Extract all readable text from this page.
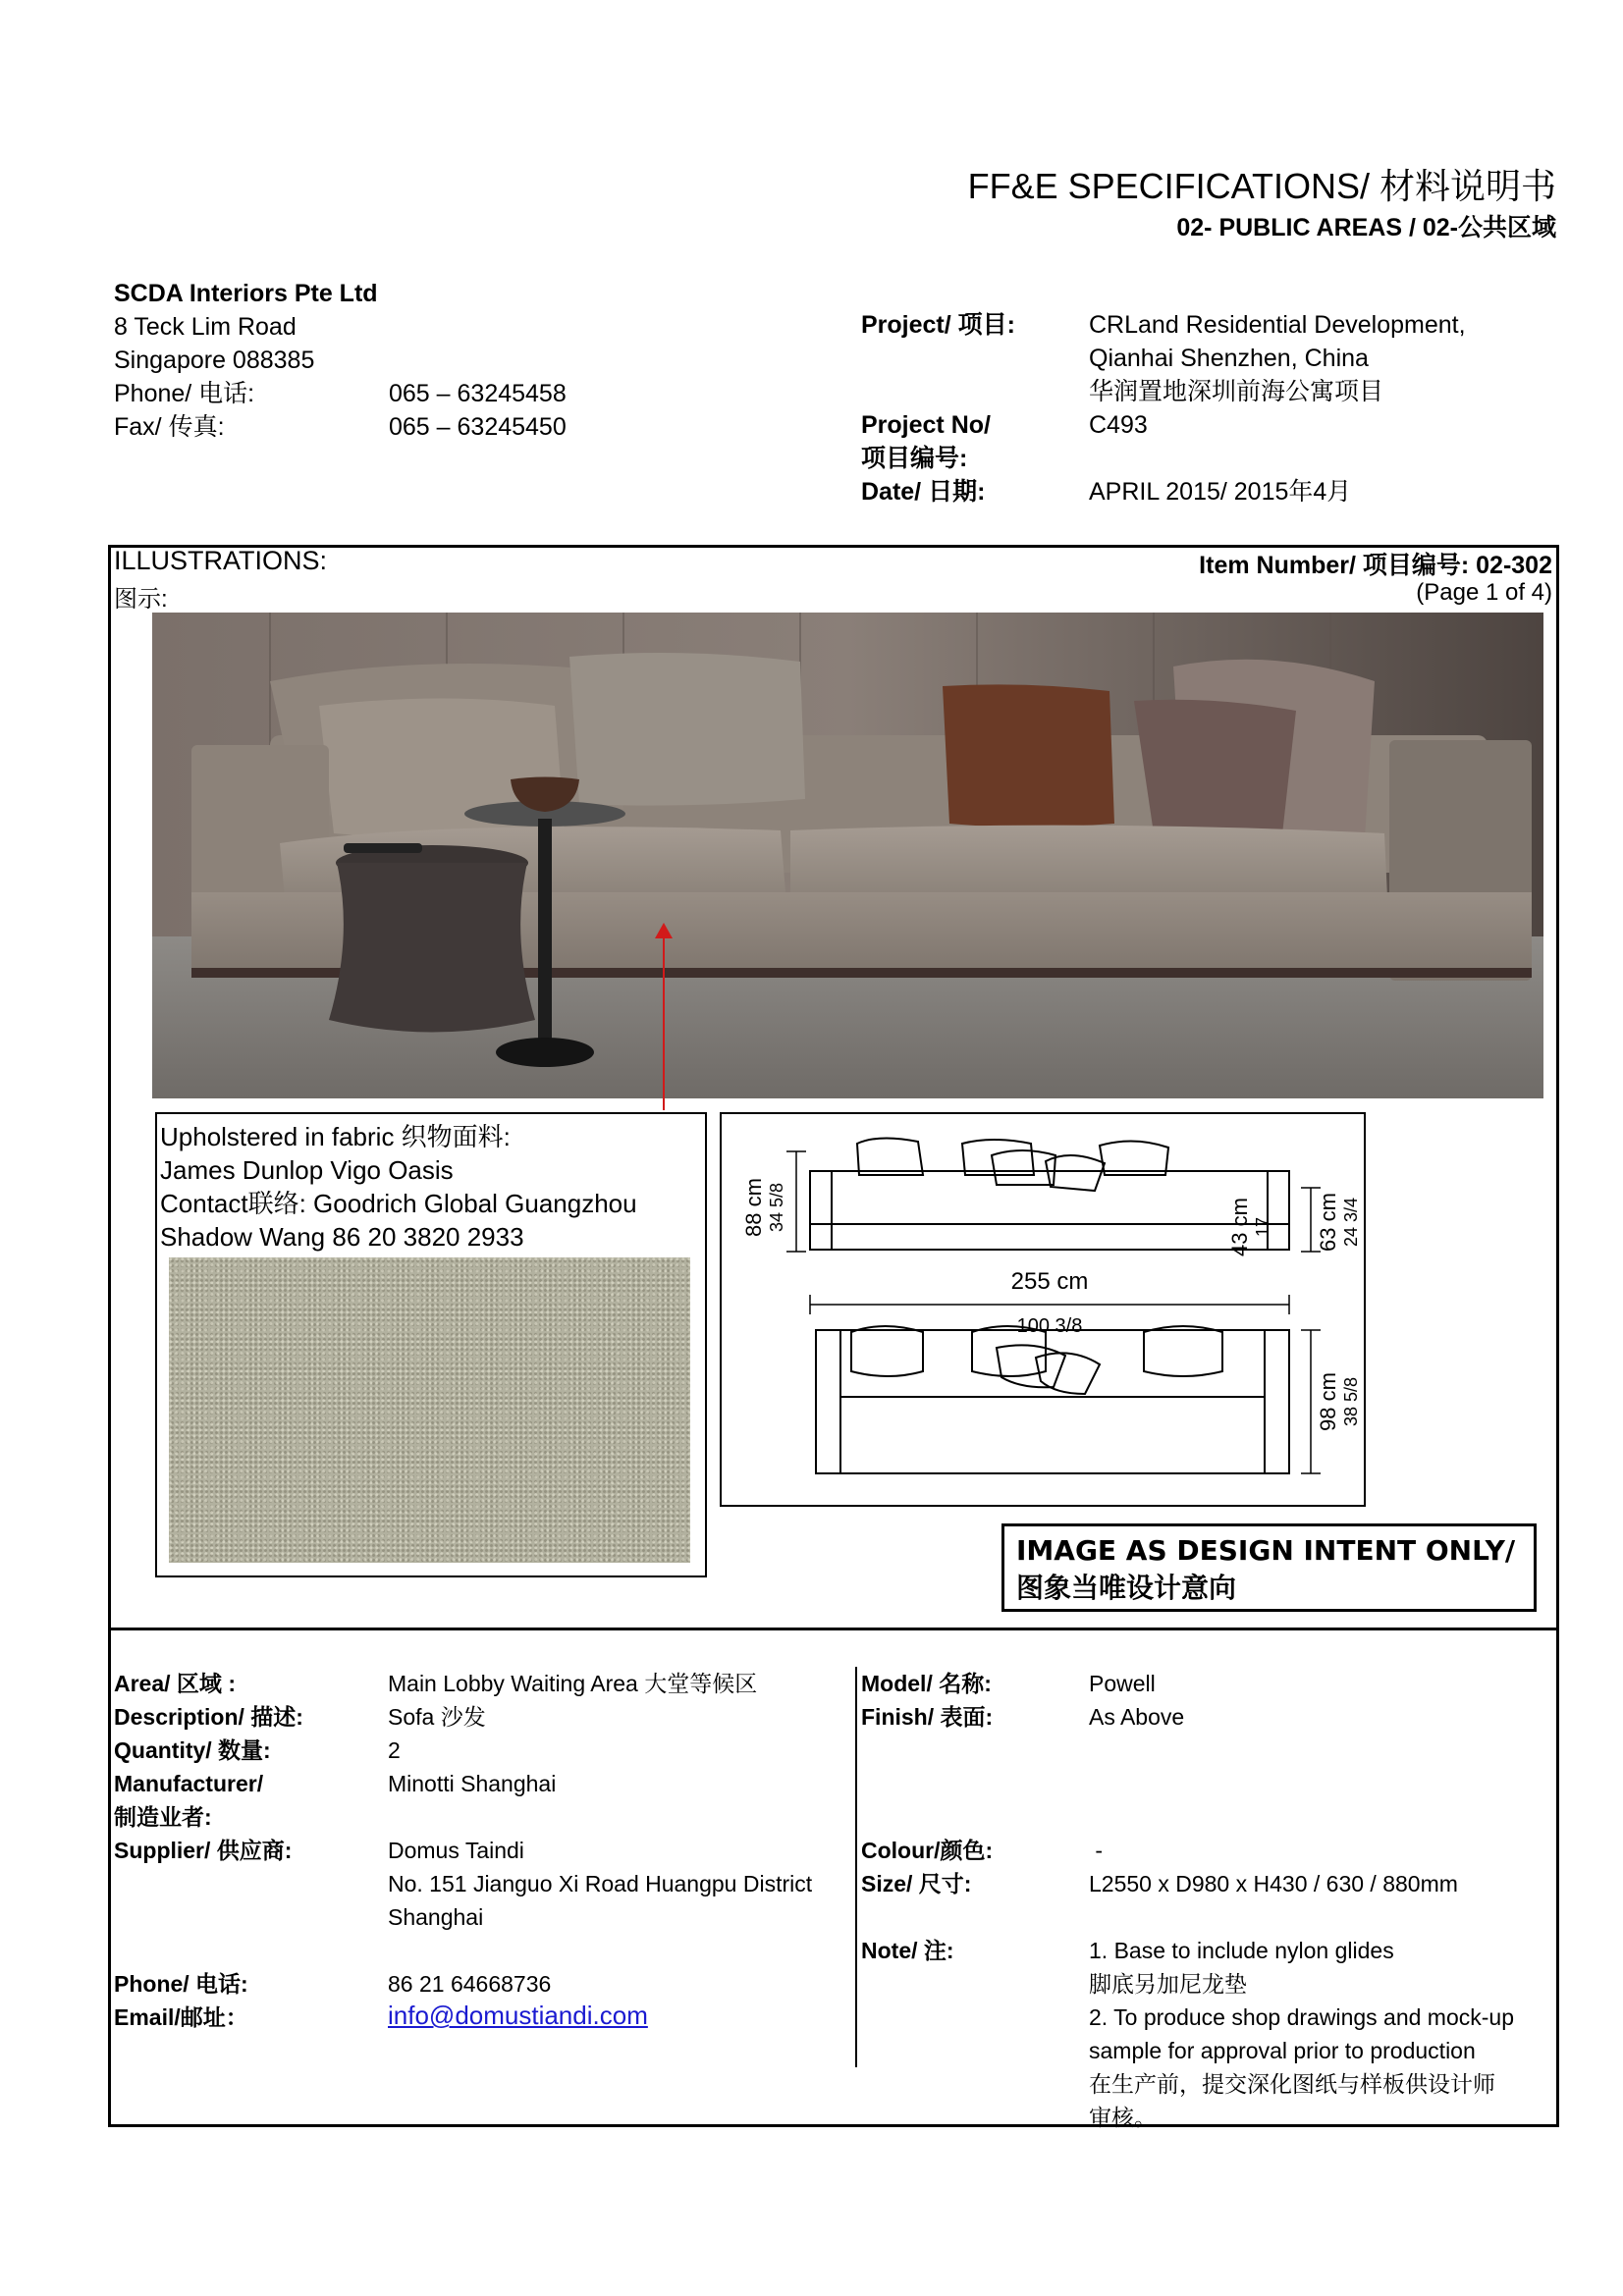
FF&E SPECIFICATIONS/ 材料说明书
02- PUBLIC AREAS / 02-公共区域
SCDA Interiors Pte Ltd
8 Teck Lim Road
Singapore 088385
Phone/ 电话:	065 – 63245458
Fax/ 传真:	065 – 63245450
Project/ 项目:	CRLand Residential Development,
Qianhai Shenzhen, China
华润置地深圳前海公寓项目
Project No/	C493
项目编号:
Date/ 日期:	APRIL 2015/ 2015年4月
ILLUSTRATIONS:
图示:
Item Number/ 项目编号: 02-302
(Page 1 of 4)
Upholstered in fabric 织物面料:
James Dunlop Vigo Oasis
Contact联络: Goodrich Global Guangzhou
Shadow Wang 86 20 3820 2933
88 cm 34 5/8	63 cm 24 3/4
255 cm
100 3/8
98 cm 38 5/8
43 cm 17
IMAGE AS DESIGN INTENT ONLY/
图象当唯设计意向
Area/ 区域 :	Main Lobby Waiting Area 大堂等候区
Description/ 描述:	Sofa 沙发
Quantity/ 数量:	2
Manufacturer/
制造业者:
Minotti Shanghai
Supplier/ 供应商:	Domus Taindi
No. 151 Jianguo Xi Road Huangpu District
Shanghai
Phone/ 电话:	86 21 64668736
Email/邮址：	info@domustiandi.com
Model/ 名称:	Powell
Finish/ 表面:	As Above
Colour/颜色:	-
Size/ 尺寸:	L2550 x D980 x H430 / 630 / 880mm
Note/ 注:	1. Base to include nylon glides
脚底另加尼龙垫
2. To produce shop drawings and mock-up
sample for approval prior to production
在生产前，提交深化图纸与样板供设计师
审核。
